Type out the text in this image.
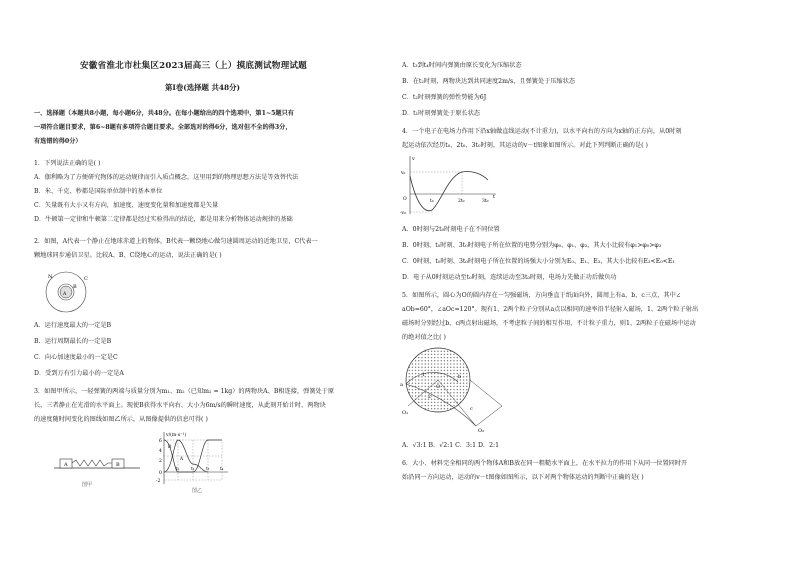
安徽省淮北市杜集区2023届高三（上）摸底测试物理试题
第Ⅰ卷(选择题 共48分)
一、选择题（本题共8小题，每小题6分，共48分。在每小题给出的四个选项中，第1~5题只有
一项符合题目要求，第6~8题有多项符合题目要求。全部选对的得6分，选对但不全的得3分，
有选错的得0分）
1．下列说法正确的是( )
A．伽利略为了方便研究物体的运动规律而引入质点概念，这里用到的物理思想方法是等效替代法
B．米、千克、秒都是国际单位制中的基本单位
C．矢量既有大小又有方向，加速度、速度变化量和加速度都是矢量
D．牛顿第一定律和牛顿第二定律都是经过实验得出的结论，都是用来分析物体运动规律的基础
2．如图，A代表一个静止在地球赤道上的物体，B代表一颗绕地心做匀速圆周运动的近地卫星，C代表一
颗地球同步通信卫星。比较A、B、C绕地心的运动，说法正确的是( )
N	C
B
A
A．运行速度最大的一定是B
B．运行周期最长的一定是B
C．向心加速度最小的一定是C
D．受到万有引力最小的一定是A
3．如图甲所示，一轻弹簧的两端与质量分别为m₁、m₂（已知m₂ = 1kg）的两物块A、B相连接，弹簧处于原
长，三者静止在光滑的水平面上。现使B获得水平向右、大小为6m/s的瞬时速度，从此刻开始计时，两物块
的速度随时间变化的图线如图乙所示，从图像提供的信息可得( )
A	B
图甲
v/(m·s⁻¹)
6
4
2
0
-2
t₁	t₂	t₃	t₄
A
B
图乙
A．t₃到t₄时间内弹簧由原长变化为压缩状态
B．在t₂时刻，两物块达到共同速度2m/s，且弹簧处于压缩状态
C．t₂时刻弹簧的弹性势能为6J
D．t₁时刻弹簧处于原长状态
4．一个电子在电场力作用下沿x轴做直线运动(不计重力)，以水平向右的方向为x轴的正方向，从0时刻
起运动依次经历t₀、2t₀、3t₀时刻，其运动的v－t图象如图所示。对此下列判断正确的是( )
v
v₀
O
-v₀
t₀	2t₀	3t₀
t
A．0时刻与2t₀时刻电子在不同位置
B．0时刻、t₀时刻、3t₀时刻电子所在位置的电势分别为φ₀、φ₁、φ₃，其大小比较有φ₁>φ₀>φ₃
C．0时刻、t₀时刻、3t₀时刻电子所在位置的场强大小分别为E₀、E₁、E₃，其大小比较有E₃<E₀<E₁
D．电子从0时刻运动至t₀时刻，连续运动至3t₀时刻，电场力先做正功后做负功
5．如图所示，圆心为O的圆内存在一匀强磁场，方向垂直于纸面向外，圆周上有a、b、c三点，其中∠
aOb=60°，∠aOc=120°。现有1、2两个粒子分别从a点以相同的速率沿半径射入磁场，1、2两个粒子射出
磁场时分别经过b、c两点射出磁场，不考虑粒子间的相互作用，不计粒子重力，则1、2两粒子在磁场中运动
的绝对值之比( )
a
b
c
O
O₁
O₂
1
2
A．√3:1 B．√2:1 C．3:1 D．2:1
6．大小、材料完全相同的两个物体A和B放在同一粗糙水平面上，在水平拉力的作用下从同一位置同时开
始沿同一方向运动，运动的v－t图像如图所示，以下对两个物体运动的判断中正确的是( )
